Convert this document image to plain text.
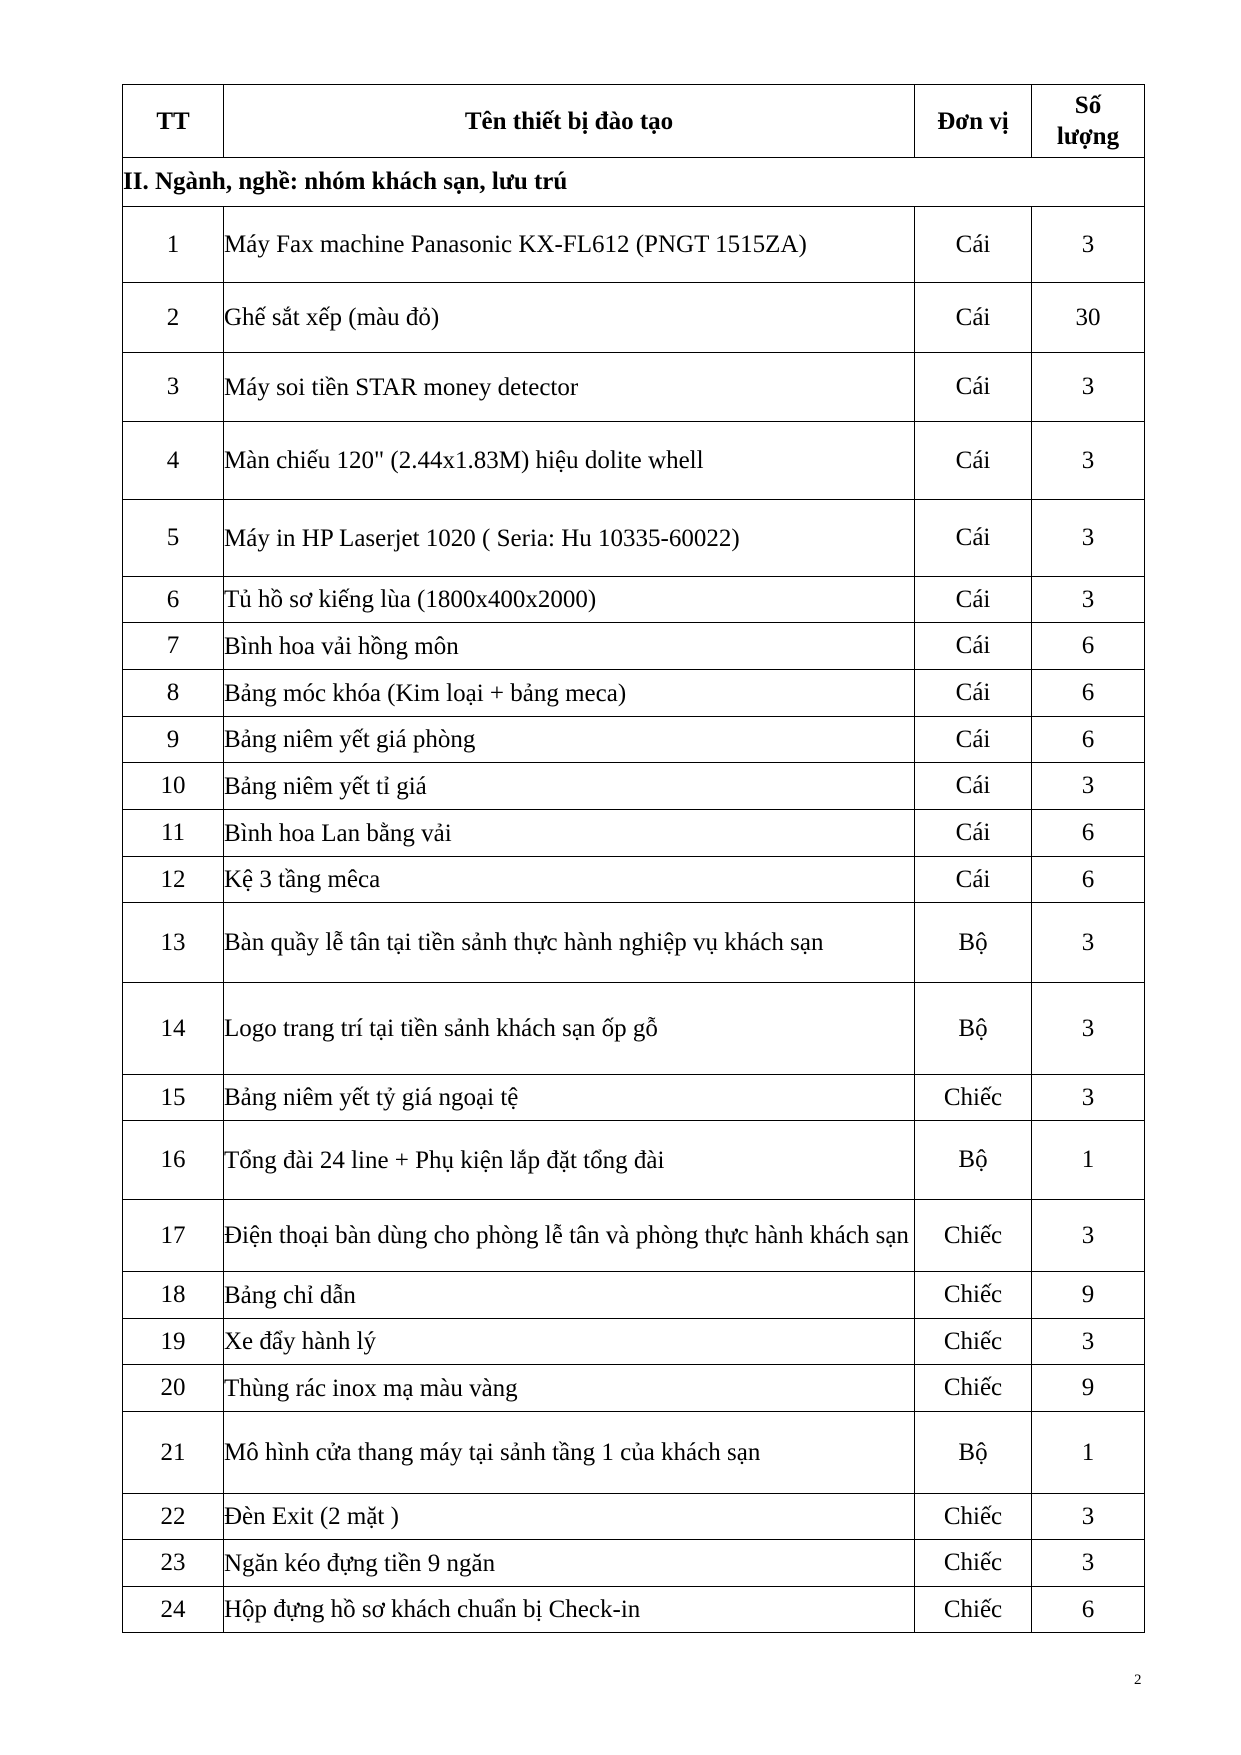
TT	Tên thiết bị đào tạo	Đơn vị	Số
lượng

II. Ngành, nghề: nhóm khách sạn, lưu trú			
1	Máy Fax machine Panasonic KX-FL612 (PNGT 1515ZA)	Cái	3
2	Ghế sắt xếp (màu đỏ)	Cái	30
3	Máy soi tiền STAR money detector	Cái	3
4	Màn chiếu 120" (2.44x1.83M) hiệu dolite whell	Cái	3
5	Máy in HP Laserjet 1020 ( Seria: Hu 10335-60022)	Cái	3
6	Tủ hồ sơ kiếng lùa (1800x400x2000)	Cái	3
7	Bình hoa vải hồng môn	Cái	6
8	Bảng móc khóa (Kim loại + bảng meca)	Cái	6
9	Bảng niêm yết giá phòng	Cái	6
10	Bảng niêm yết tỉ giá	Cái	3
11	Bình hoa Lan bằng vải	Cái	6
12	Kệ 3 tầng mêca	Cái	6
13	Bàn quầy lễ tân tại tiền sảnh thực hành nghiệp vụ khách sạn	Bộ	3
14	Logo trang trí tại tiền sảnh khách sạn ốp gỗ	Bộ	3
15	Bảng niêm yết tỷ giá ngoại tệ	Chiếc	3
16	Tổng đài 24 line + Phụ kiện lắp đặt tổng đài	Bộ	1
17	Điện thoại bàn dùng cho phòng lễ tân và phòng thực hành khách sạn	Chiếc	3
18	Bảng chỉ dẫn	Chiếc	9
19	Xe đẩy hành lý	Chiếc	3
20	Thùng rác inox mạ màu vàng	Chiếc	9
21	Mô hình cửa thang máy tại sảnh tầng 1 của khách sạn	Bộ	1
22	Đèn Exit (2 mặt )	Chiếc	3
23	Ngăn kéo đựng tiền 9 ngăn	Chiếc	3
24	Hộp đựng hồ sơ khách chuẩn bị Check-in	Chiếc	6
2
